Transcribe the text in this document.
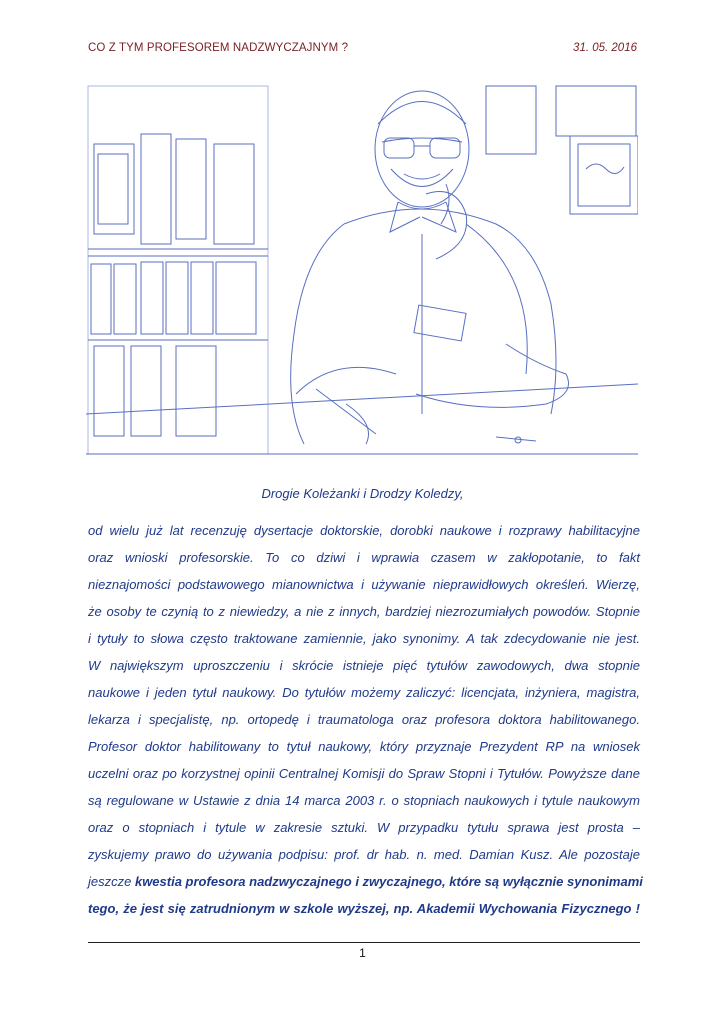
CO Z TYM PROFESOREM NADZWYCZAJNYM ?	31. 05. 2016
Drogie Koleżanki i Drodzy Koledzy,
od wielu już lat recenzuję dysertacje doktorskie, dorobki naukowe i rozprawy habilitacyjne
oraz wnioski profesorskie. To co dziwi i wprawia czasem w zakłopotanie, to fakt
nieznajomości podstawowego mianownictwa i używanie nieprawidłowych określeń. Wierzę,
że osoby te czynią to z niewiedzy, a nie z innych, bardziej niezrozumiałych powodów. Stopnie
i tytuły to słowa często traktowane zamiennie, jako synonimy. A tak zdecydowanie nie jest.
W największym uproszczeniu i skrócie istnieje pięć tytułów zawodowych, dwa stopnie
naukowe i jeden tytuł naukowy. Do tytułów możemy zaliczyć: licencjata, inżyniera, magistra,
lekarza i specjalistę, np. ortopedę i traumatologa oraz profesora doktora habilitowanego.
Profesor doktor habilitowany to tytuł naukowy, który przyznaje Prezydent RP na wniosek
uczelni oraz po korzystnej opinii Centralnej Komisji do Spraw Stopni i Tytułów. Powyższe dane
są regulowane w Ustawie z dnia 14 marca 2003 r. o stopniach naukowych i tytule naukowym
oraz o stopniach i tytule w zakresie sztuki. W przypadku tytułu sprawa jest prosta –
zyskujemy prawo do używania podpisu: prof. dr hab. n. med. Damian Kusz. Ale pozostaje
jeszcze kwestia profesora nadzwyczajnego i zwyczajnego, które są wyłącznie synonimami
tego, że jest się zatrudnionym w szkole wyższej, np. Akademii Wychowania Fizycznego !
1
